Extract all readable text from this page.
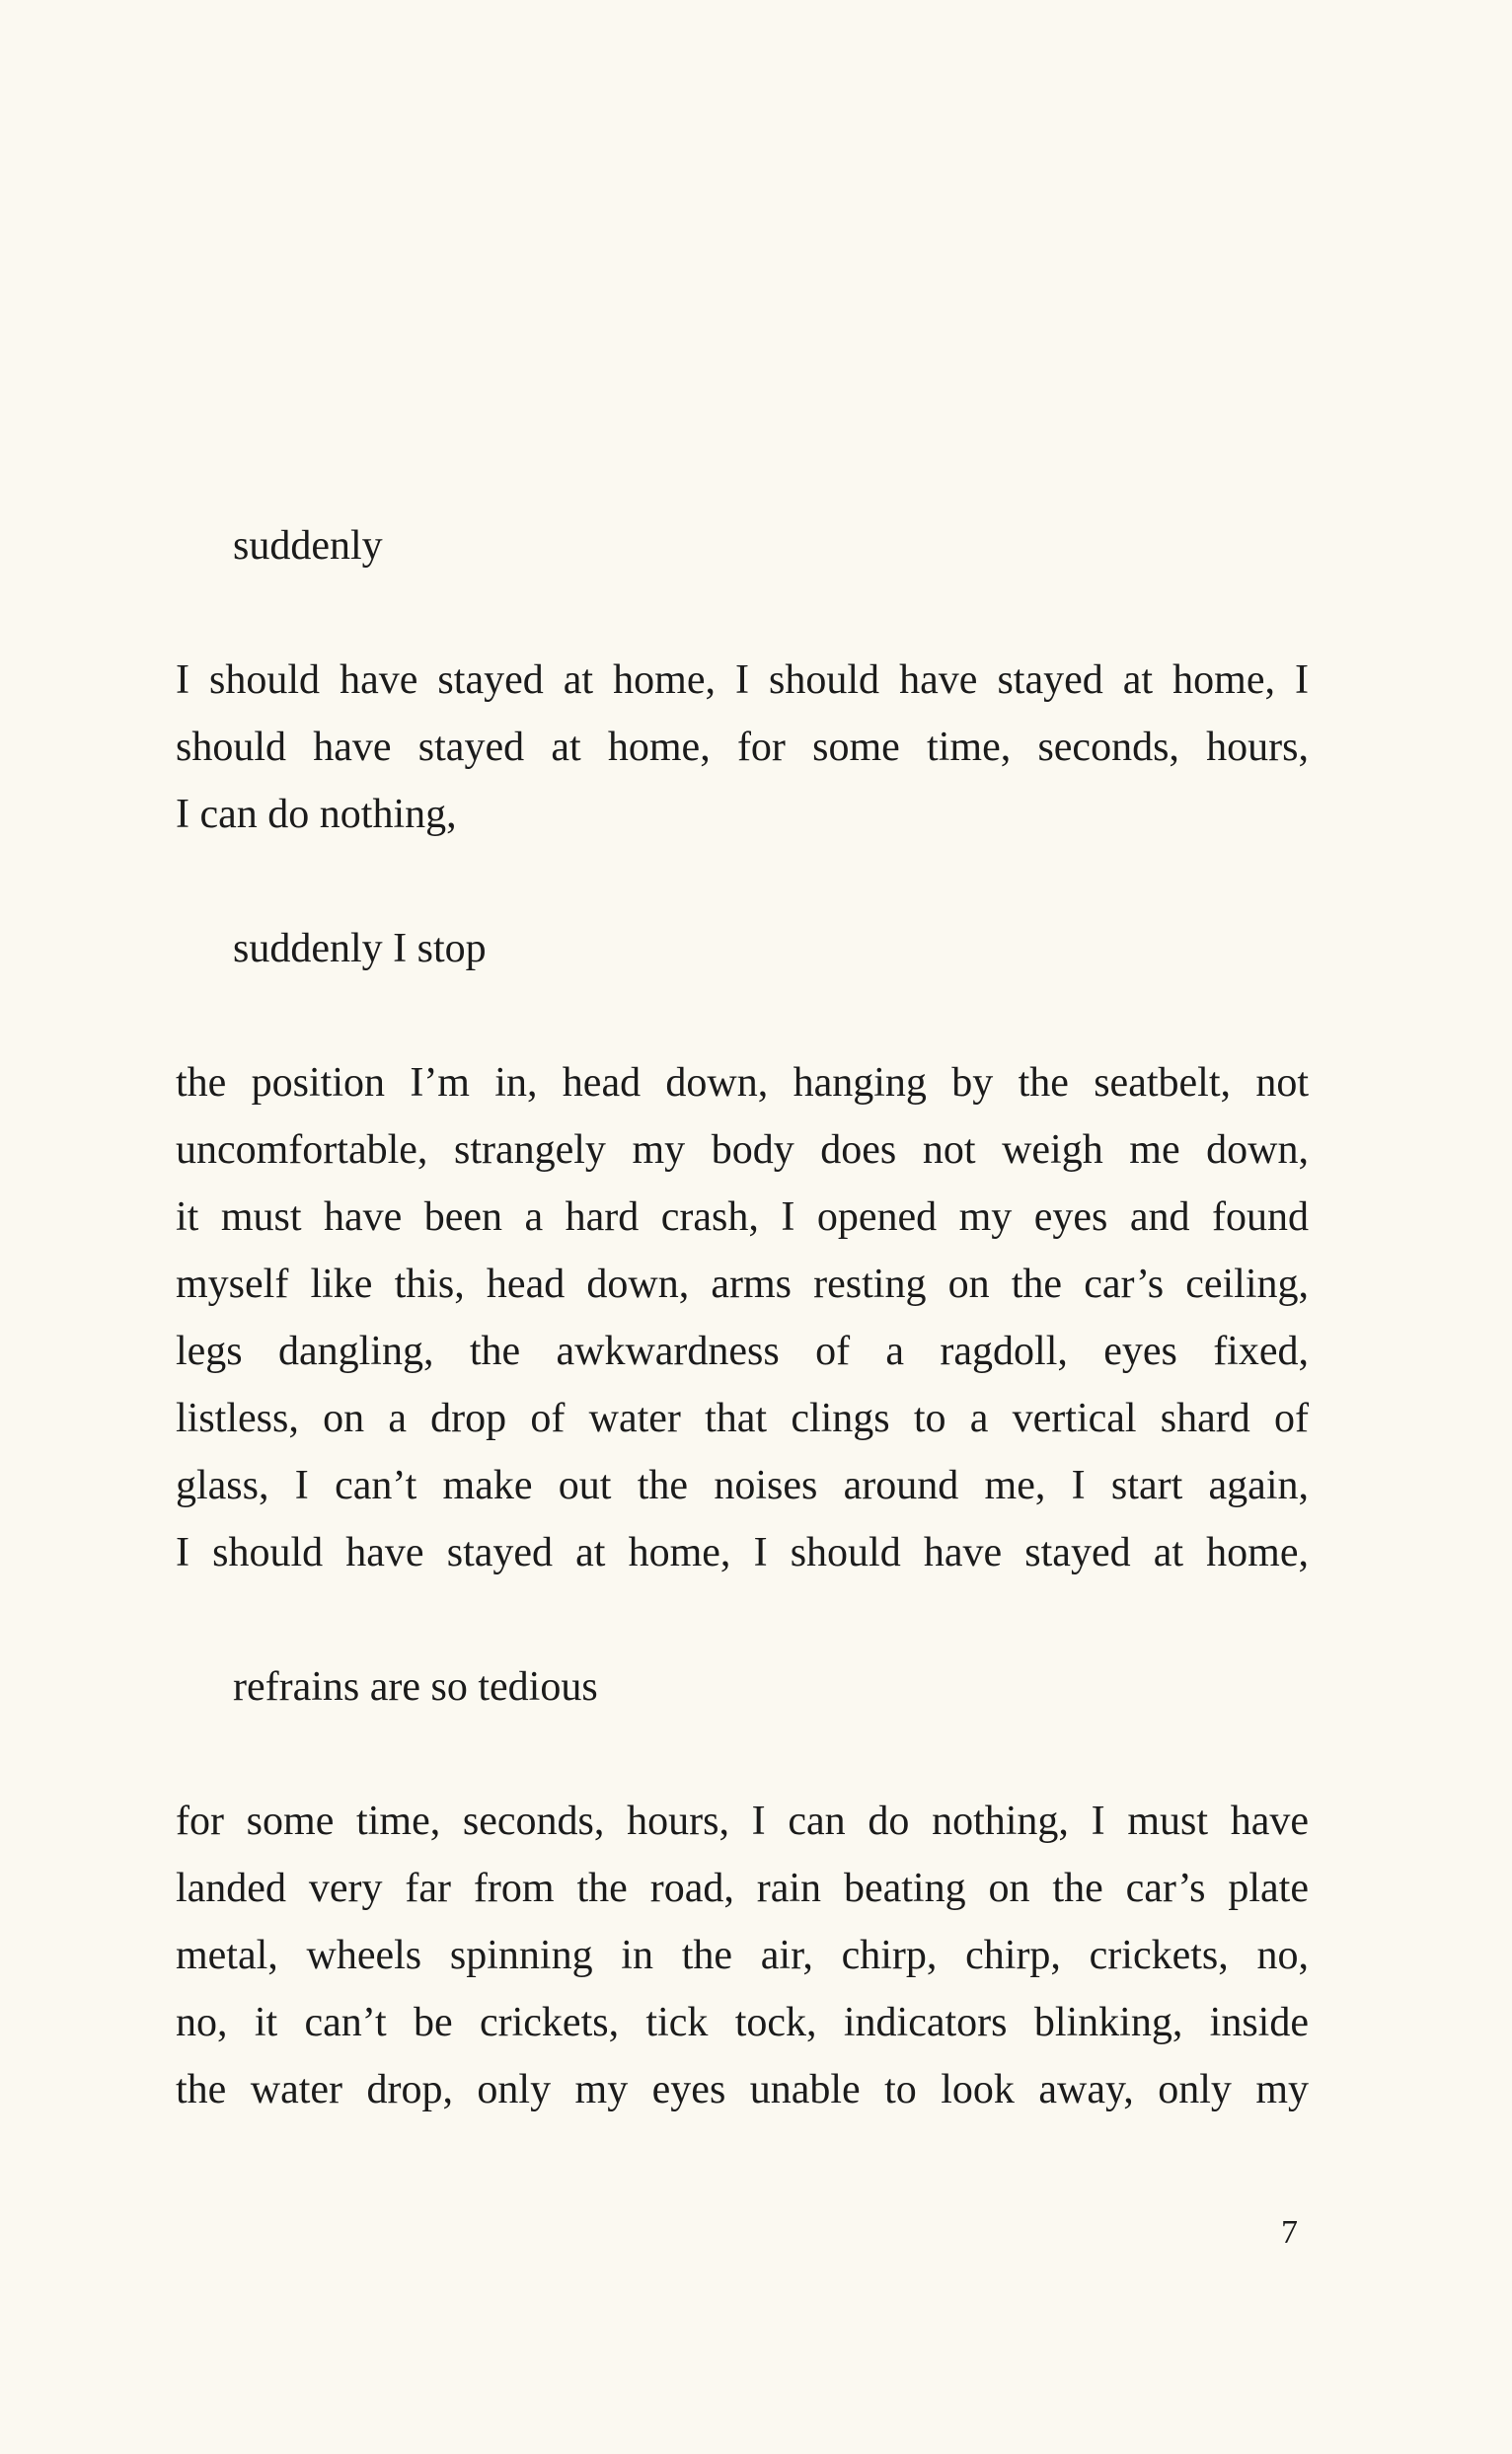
suddenly
I should have stayed at home, I should have stayed at home, I
should have stayed at home, for some time, seconds, hours,
I can do nothing,
suddenly I stop
the position I’m in, head down, hanging by the seatbelt, not
uncomfortable, strangely my body does not weigh me down,
it must have been a hard crash, I opened my eyes and found
myself like this, head down, arms resting on the car’s ceiling,
legs dangling, the awkwardness of a ragdoll, eyes fixed,
listless, on a drop of water that clings to a vertical shard of
glass, I can’t make out the noises around me, I start again,
I should have stayed at home, I should have stayed at home,
refrains are so tedious
for some time, seconds, hours, I can do nothing, I must have
landed very far from the road, rain beating on the car’s plate
metal, wheels spinning in the air, chirp, chirp, crickets, no,
no, it can’t be crickets, tick tock, indicators blinking, inside
the water drop, only my eyes unable to look away, only my
7
